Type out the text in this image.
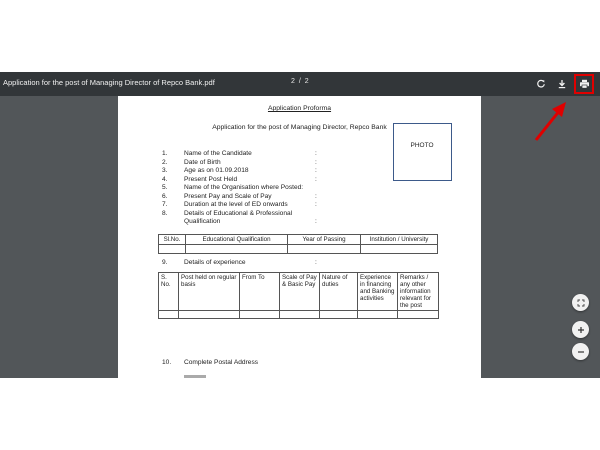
Application for the post of Managing Director of Repco Bank.pdf	2 / 2
Application Proforma
Application for the post of Managing Director, Repco Bank
PHOTO
1.	Name of the Candidate	:
2.	Date of Birth	:
3.	Age as on 01.09.2018	:
4.	Present Post Held	:
5.	Name of the Organisation where Posted:
6.	Present Pay and Scale of Pay	:
7.	Duration at the level of ED onwards	:
8.	Details of Educational & Professional
Qualification	:
Sl.No.	Educational Qualification	Year of Passing	Institution / University

9.	Details of experience	:
S. No.	Post held on regular basis	From To	Scale of Pay & Basic Pay	Nature of duties	Experience in financing and Banking activities	Remarks / any other information relevant for the post

10. Complete Postal Address
